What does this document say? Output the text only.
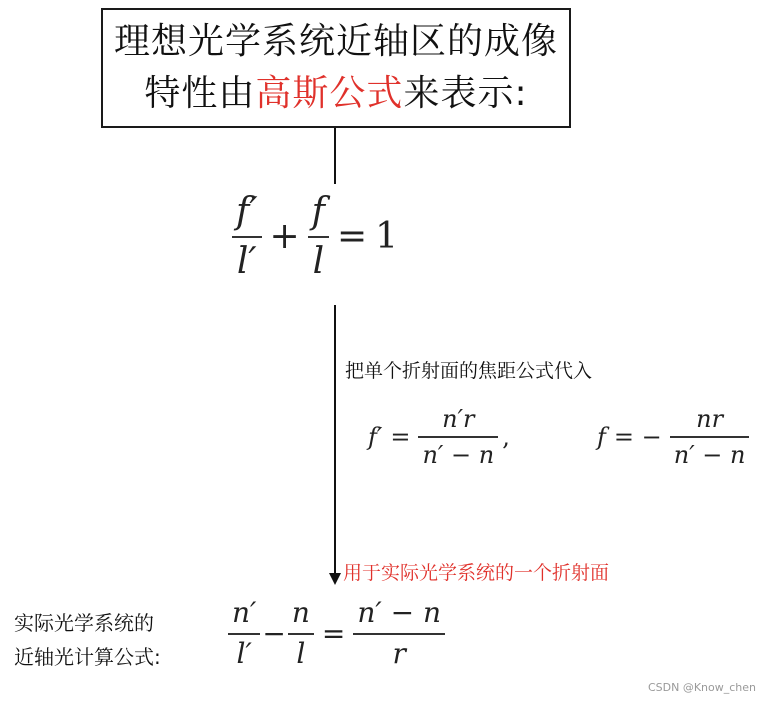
理想光学系统近轴区的成像
特性由高斯公式来表示:
$\frac{f'}{l'} + \frac{f}{l} = 1$
把单个折射面的焦距公式代入
$f' = \frac{n'r}{n' - n}$ ,	f = − $\frac{nr}{n' - n}$
用于实际光学系统的一个折射面
实际光学系统的
近轴光计算公式: $\frac{n'}{l'} - \frac{n}{l} = \frac{n' - n}{r}$
CSDN @Know_chen
